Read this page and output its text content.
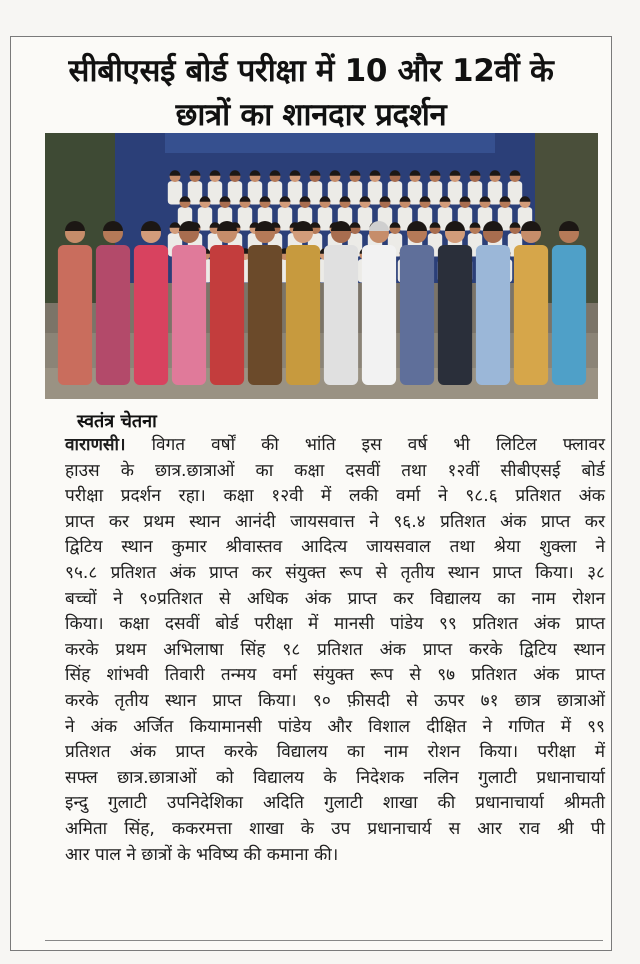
सीबीएसई बोर्ड परीक्षा में 10 और 12वीं के
छात्रों का शानदार प्रदर्शन
स्वतंत्र चेतना
वाराणसी। विगत वर्षों की भांति इस वर्ष भी लिटिल फ्लावर
हाउस के छात्र.छात्राओं का कक्षा दसवीं तथा १२वीं सीबीएसई बोर्ड
परीक्षा प्रदर्शन रहा। कक्षा १२वी में लकी वर्मा ने ९८.६ प्रतिशत अंक
प्राप्त कर प्रथम स्थान आनंदी जायसवात्त ने ९६.४ प्रतिशत अंक प्राप्त कर
द्विटिय स्थान कुमार श्रीवास्तव आदित्य जायसवाल तथा श्रेया शुक्ला ने
९५.८ प्रतिशत अंक प्राप्त कर संयुक्त रूप से तृतीय स्थान प्राप्त किया। ३८
बच्चों ने ९०प्रतिशत से अधिक अंक प्राप्त कर विद्यालय का नाम रोशन
किया। कक्षा दसवीं बोर्ड परीक्षा में मानसी पांडेय ९९ प्रतिशत अंक प्राप्त
करके प्रथम अभिलाषा सिंह ९८ प्रतिशत अंक प्राप्त करके द्विटिय स्थान
सिंह शांभवी तिवारी तन्मय वर्मा संयुक्त रूप से ९७ प्रतिशत अंक प्राप्त
करके तृतीय स्थान प्राप्त किया। ९० फ़ीसदी से ऊपर ७१ छात्र छात्राओं
ने अंक अर्जित कियामानसी पांडेय और विशाल दीक्षित ने गणित में ९९
प्रतिशत अंक प्राप्त करके विद्यालय का नाम रोशन किया। परीक्षा में
सफ्ल छात्र.छात्राओं को विद्यालय के निदेशक नलिन गुलाटी प्रधानाचार्या
इन्दु गुलाटी उपनिदेशिका अदिति गुलाटी शाखा की प्रधानाचार्या श्रीमती
अमिता सिंह, ककरमत्ता शाखा के उप प्रधानाचार्य स आर राव श्री पी
आर पाल ने छात्रों के भविष्य की कमाना की।
